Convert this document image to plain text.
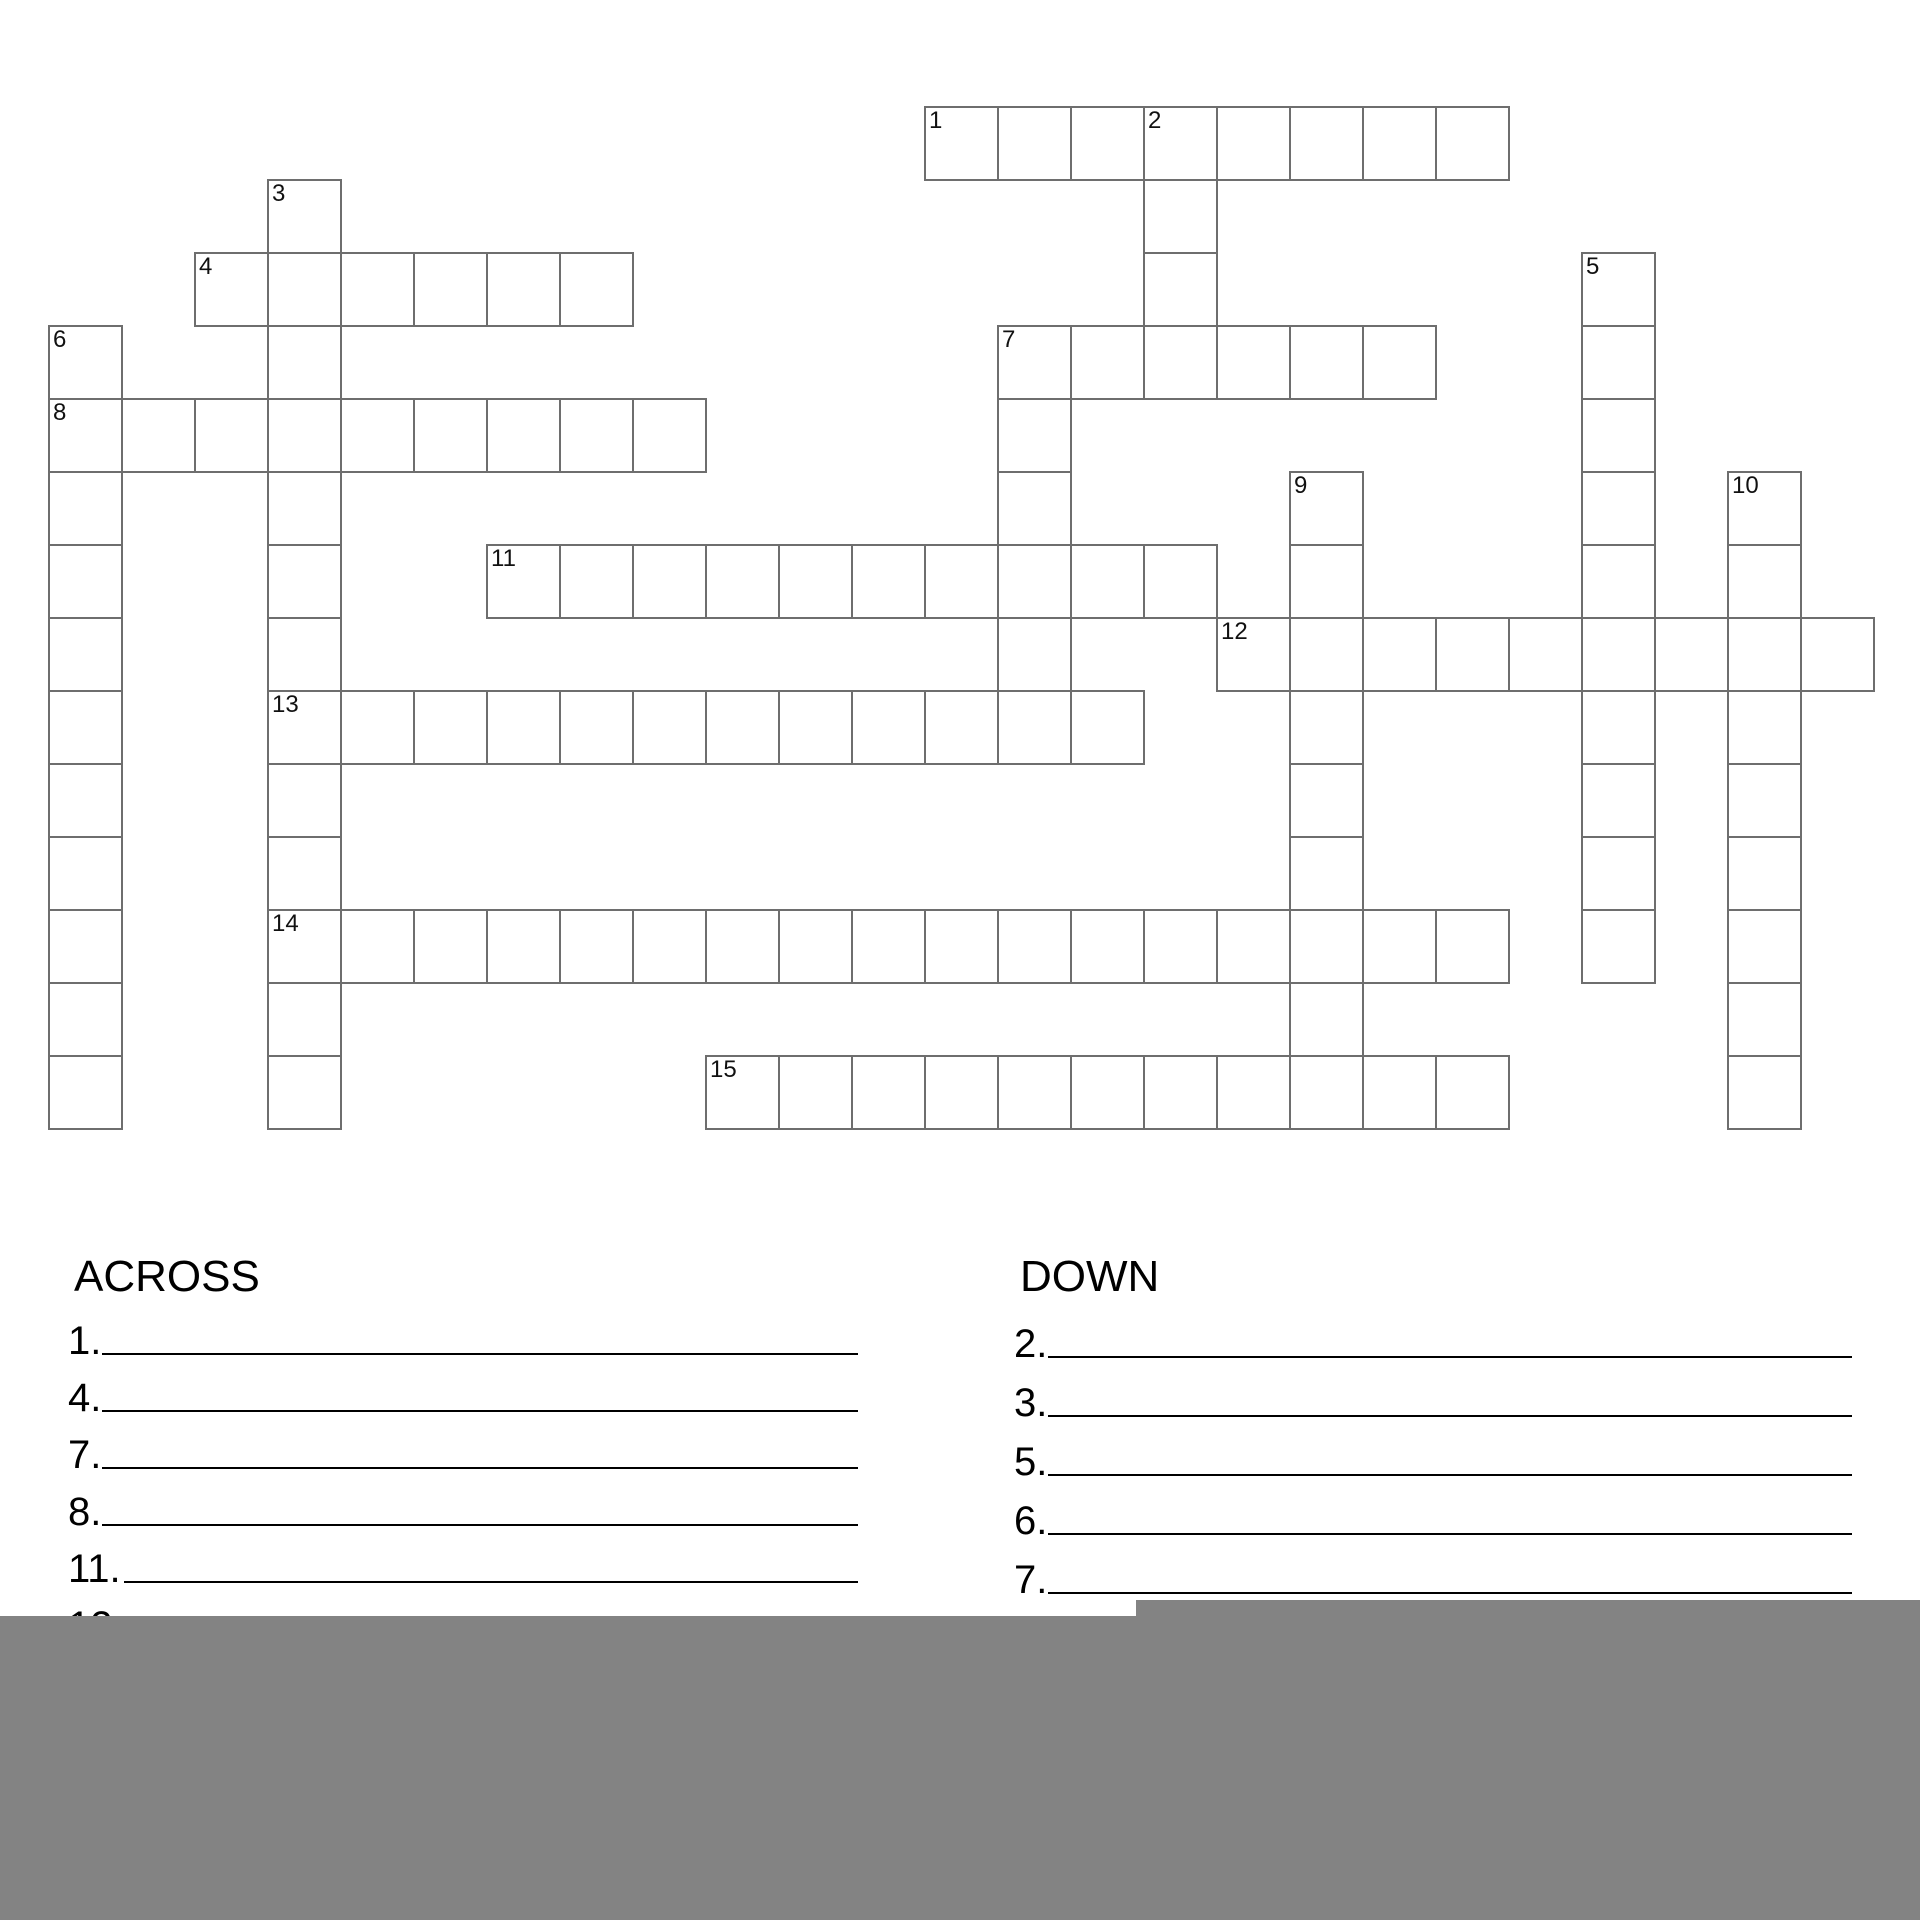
1	2
3
13
14
4	5
6
8
7
9	10
11
12
15
ACROSS
1.
4.
7.
8.
11.
DOWN
2.
3.
5.
6.
7.
